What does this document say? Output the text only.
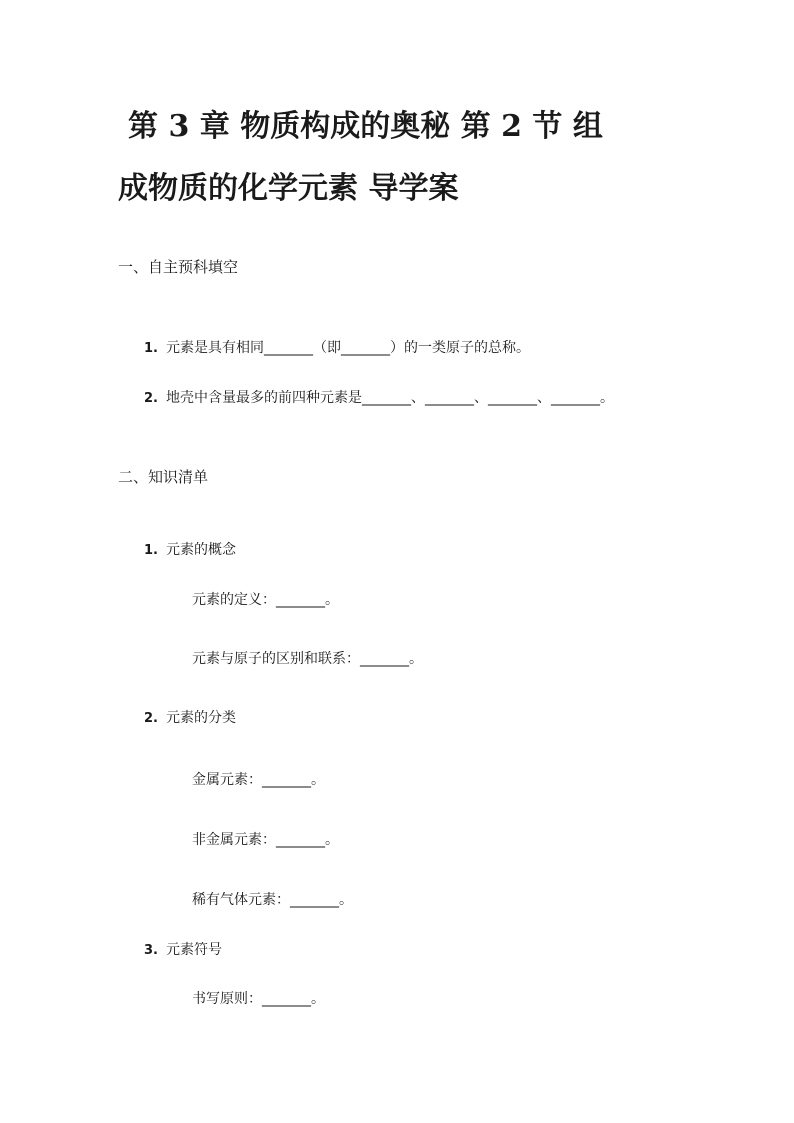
第 3 章 物质构成的奥秘 第 2 节 组
成物质的化学元素 导学案
一、自主预科填空
1. 元素是具有相同_______（即_______）的一类原子的总称。
2. 地壳中含量最多的前四种元素是_______、_______、_______、_______。
二、知识清单
1. 元素的概念
元素的定义：_______。
元素与原子的区别和联系：_______。
2. 元素的分类
金属元素：_______。
非金属元素：_______。
稀有气体元素：_______。
3. 元素符号
书写原则：_______。
